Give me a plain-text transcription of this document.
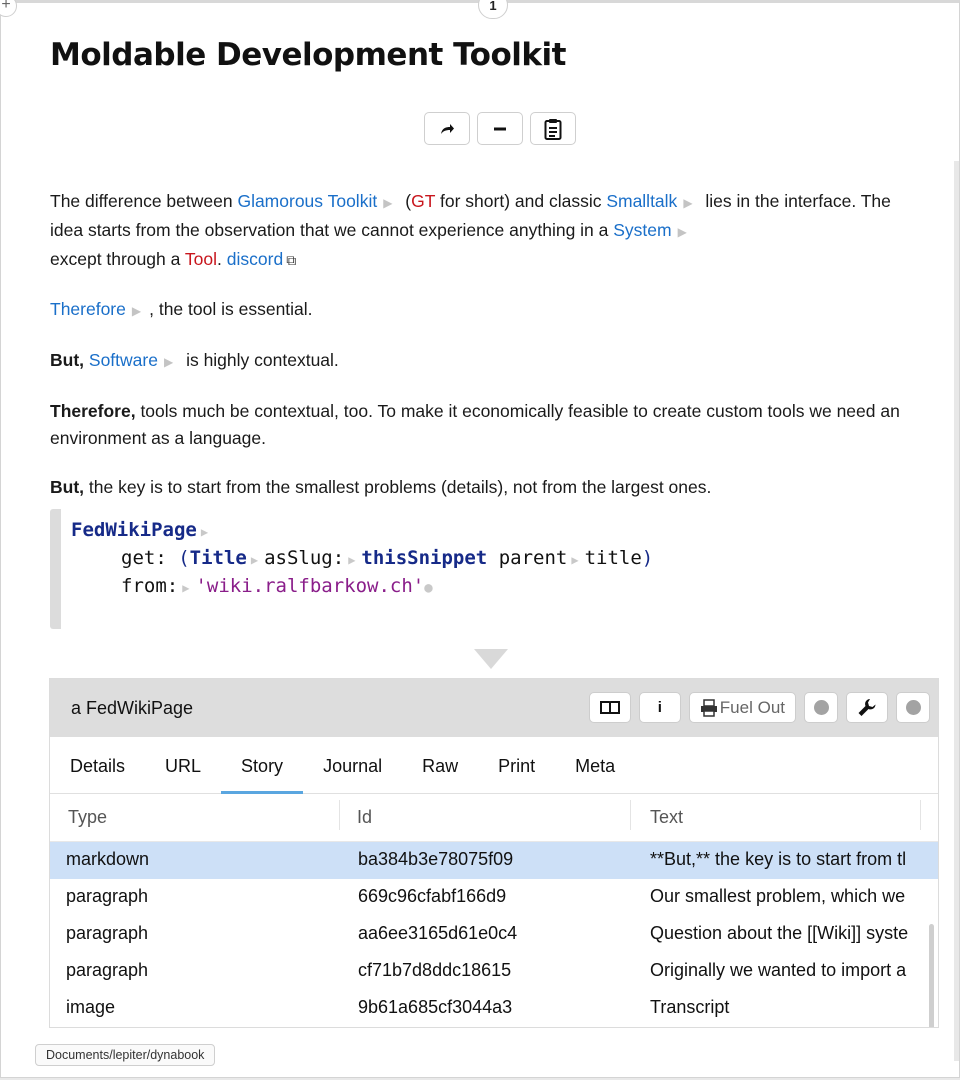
+	1
Moldable Development Toolkit

The difference between Glamorous Toolkit ▶ (GT for short) and classic Smalltalk ▶ lies in the interface. The idea starts from the observation that we cannot experience anything in a System ▶
except through a Tool. discord ⧉

Therefore ▶ , the tool is essential.

But, Software ▶ is highly contextual.

Therefore, tools much be contextual, too. To make it economically feasible to create custom tools we need an environment as a language.

But, the key is to start from the smallest problems (details), not from the largest ones.

FedWikiPage ▶
get: (Title ▶ asSlug: ▶ thisSnippet parent ▶ title)
from: ▶ 'wiki.ralfbarkow.ch'●
a FedWikiPage	i	Fuel Out
Details	URL	Story	Journal	Raw	Print	Meta
Type	Id	Text
markdown	ba384b3e78075f09	**But,** the key is to start from tl
paragraph	669c96cfabf166d9	Our smallest problem, which we
paragraph	aa6ee3165d61e0c4	Question about the [[Wiki]] syste
paragraph	cf71b7d8ddc18615	Originally we wanted to import a
image	9b61a685cf3044a3	Transcript
Documents/lepiter/dynabook
